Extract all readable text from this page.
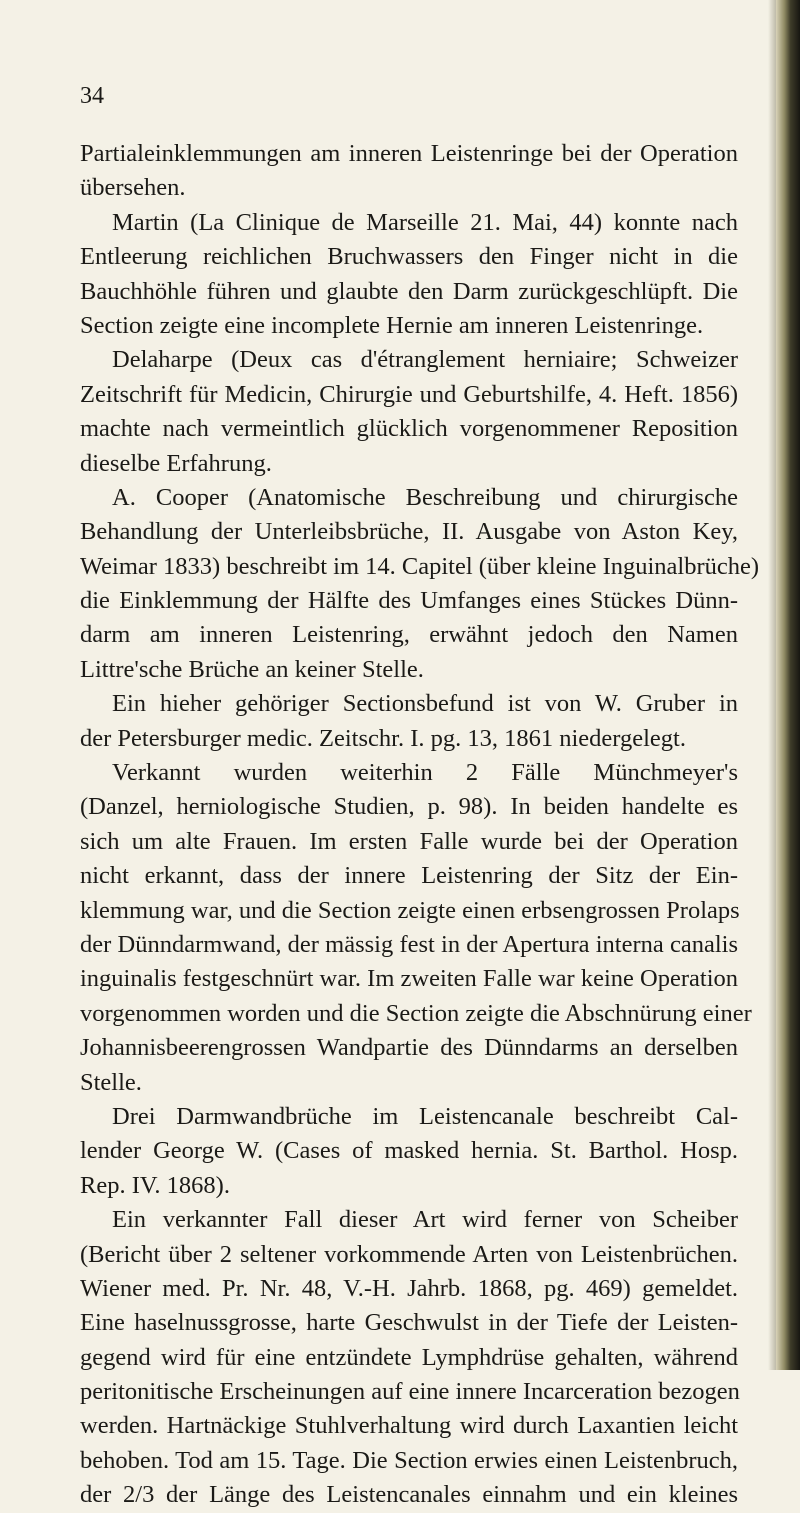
34
Partialeinklemmungen am inneren Leistenringe bei der Operation
übersehen.
Martin (La Clinique de Marseille 21. Mai, 44) konnte nach
Entleerung reichlichen Bruchwassers den Finger nicht in die
Bauchhöhle führen und glaubte den Darm zurückgeschlüpft. Die
Section zeigte eine incomplete Hernie am inneren Leistenringe.
Delaharpe (Deux cas d'étranglement herniaire; Schweizer
Zeitschrift für Medicin, Chirurgie und Geburtshilfe, 4. Heft. 1856)
machte nach vermeintlich glücklich vorgenommener Reposition
dieselbe Erfahrung.
A. Cooper (Anatomische Beschreibung und chirurgische
Behandlung der Unterleibsbrüche, II. Ausgabe von Aston Key,
Weimar 1833) beschreibt im 14. Capitel (über kleine Inguinalbrüche)
die Einklemmung der Hälfte des Umfanges eines Stückes Dünn-
darm am inneren Leistenring, erwähnt jedoch den Namen
Littre'sche Brüche an keiner Stelle.
Ein hieher gehöriger Sectionsbefund ist von W. Gruber in
der Petersburger medic. Zeitschr. I. pg. 13, 1861 niedergelegt.
Verkannt wurden weiterhin 2 Fälle Münchmeyer's
(Danzel, herniologische Studien, p. 98). In beiden handelte es
sich um alte Frauen. Im ersten Falle wurde bei der Operation
nicht erkannt, dass der innere Leistenring der Sitz der Ein-
klemmung war, und die Section zeigte einen erbsengrossen Prolaps
der Dünndarmwand, der mässig fest in der Apertura interna canalis
inguinalis festgeschnürt war. Im zweiten Falle war keine Operation
vorgenommen worden und die Section zeigte die Abschnürung einer
Johannisbeerengrossen Wandpartie des Dünndarms an derselben
Stelle.
Drei Darmwandbrüche im Leistencanale beschreibt Cal-
lender George W. (Cases of masked hernia. St. Barthol. Hosp.
Rep. IV. 1868).
Ein verkannter Fall dieser Art wird ferner von Scheiber
(Bericht über 2 seltener vorkommende Arten von Leistenbrüchen.
Wiener med. Pr. Nr. 48, V.-H. Jahrb. 1868, pg. 469) gemeldet.
Eine haselnussgrosse, harte Geschwulst in der Tiefe der Leisten-
gegend wird für eine entzündete Lymphdrüse gehalten, während
peritonitische Erscheinungen auf eine innere Incarceration bezogen
werden. Hartnäckige Stuhlverhaltung wird durch Laxantien leicht
behoben. Tod am 15. Tage. Die Section erwies einen Leistenbruch,
der 2/3 der Länge des Leistencanales einnahm und ein kleines
